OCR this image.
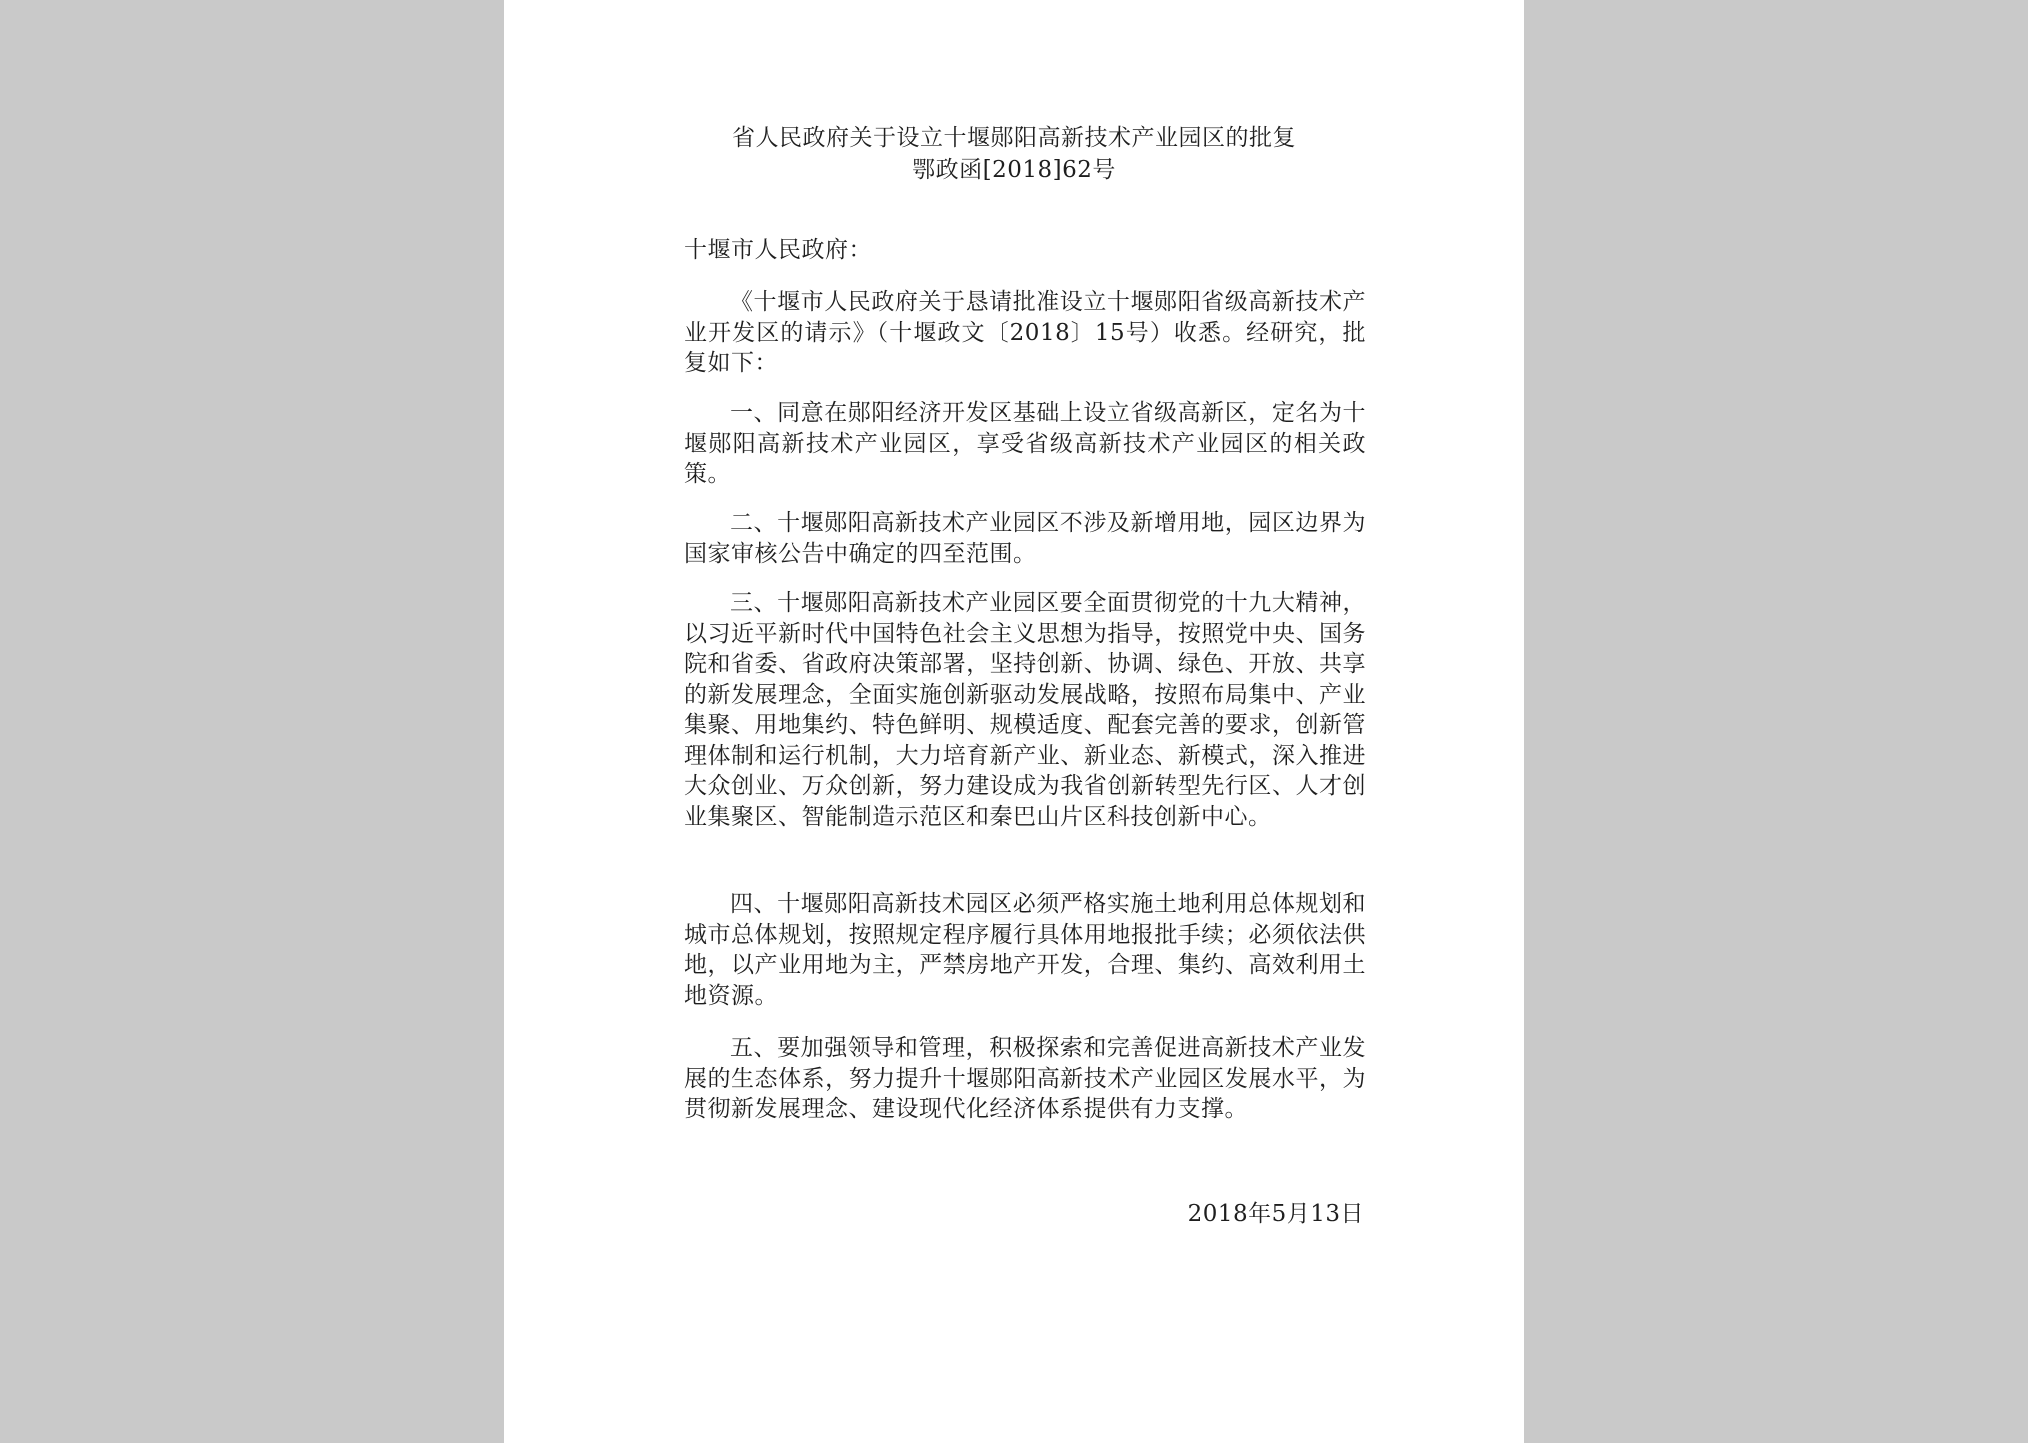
省人民政府关于设立十堰郧阳高新技术产业园区的批复
鄂政函[2018]62号
十堰市人民政府：

《十堰市人民政府关于恳请批准设立十堰郧阳省级高新技术产业开发区的请示》（十堰政文〔2018〕15号）收悉。经研究，批复如下：

一、同意在郧阳经济开发区基础上设立省级高新区，定名为十堰郧阳高新技术产业园区，享受省级高新技术产业园区的相关政策。

二、十堰郧阳高新技术产业园区不涉及新增用地，园区边界为国家审核公告中确定的四至范围。

三、十堰郧阳高新技术产业园区要全面贯彻党的十九大精神，以习近平新时代中国特色社会主义思想为指导，按照党中央、国务院和省委、省政府决策部署，坚持创新、协调、绿色、开放、共享的新发展理念，全面实施创新驱动发展战略，按照布局集中、产业集聚、用地集约、特色鲜明、规模适度、配套完善的要求，创新管理体制和运行机制，大力培育新产业、新业态、新模式，深入推进大众创业、万众创新，努力建设成为我省创新转型先行区、人才创业集聚区、智能制造示范区和秦巴山片区科技创新中心。

四、十堰郧阳高新技术园区必须严格实施土地利用总体规划和城市总体规划，按照规定程序履行具体用地报批手续；必须依法供地，以产业用地为主，严禁房地产开发，合理、集约、高效利用土地资源。

五、要加强领导和管理，积极探索和完善促进高新技术产业发展的生态体系，努力提升十堰郧阳高新技术产业园区发展水平，为贯彻新发展理念、建设现代化经济体系提供有力支撑。

2018年5月13日
